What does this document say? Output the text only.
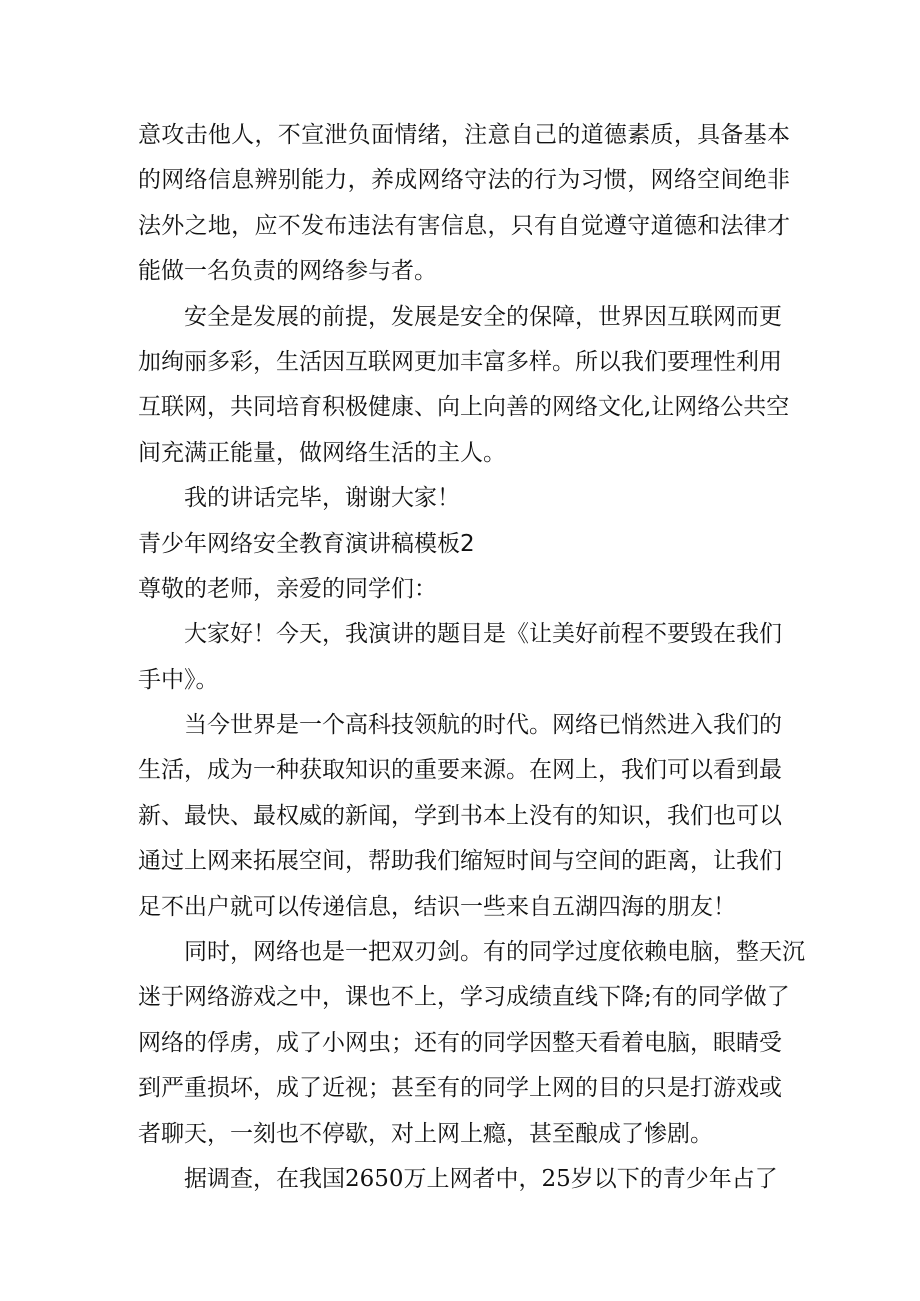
意攻击他人，不宣泄负面情绪，注意自己的道德素质，具备基本
的网络信息辨别能力，养成网络守法的行为习惯，网络空间绝非
法外之地，应不发布违法有害信息，只有自觉遵守道德和法律才
能做一名负责的网络参与者。
安全是发展的前提，发展是安全的保障，世界因互联网而更
加绚丽多彩，生活因互联网更加丰富多样。所以我们要理性利用
互联网，共同培育积极健康、向上向善的网络文化,让网络公共空
间充满正能量，做网络生活的主人。
我的讲话完毕，谢谢大家！
青少年网络安全教育演讲稿模板2
尊敬的老师，亲爱的同学们：
大家好！今天，我演讲的题目是《让美好前程不要毁在我们
手中》。
当今世界是一个高科技领航的时代。网络已悄然进入我们的
生活，成为一种获取知识的重要来源。在网上，我们可以看到最
新、最快、最权威的新闻，学到书本上没有的知识，我们也可以
通过上网来拓展空间，帮助我们缩短时间与空间的距离，让我们
足不出户就可以传递信息，结识一些来自五湖四海的朋友！
同时，网络也是一把双刃剑。有的同学过度依赖电脑，整天沉
迷于网络游戏之中，课也不上，学习成绩直线下降;有的同学做了
网络的俘虏，成了小网虫；还有的同学因整天看着电脑，眼睛受
到严重损坏，成了近视；甚至有的同学上网的目的只是打游戏或
者聊天，一刻也不停歇，对上网上瘾，甚至酿成了惨剧。
据调查，在我国2650万上网者中，25岁以下的青少年占了
